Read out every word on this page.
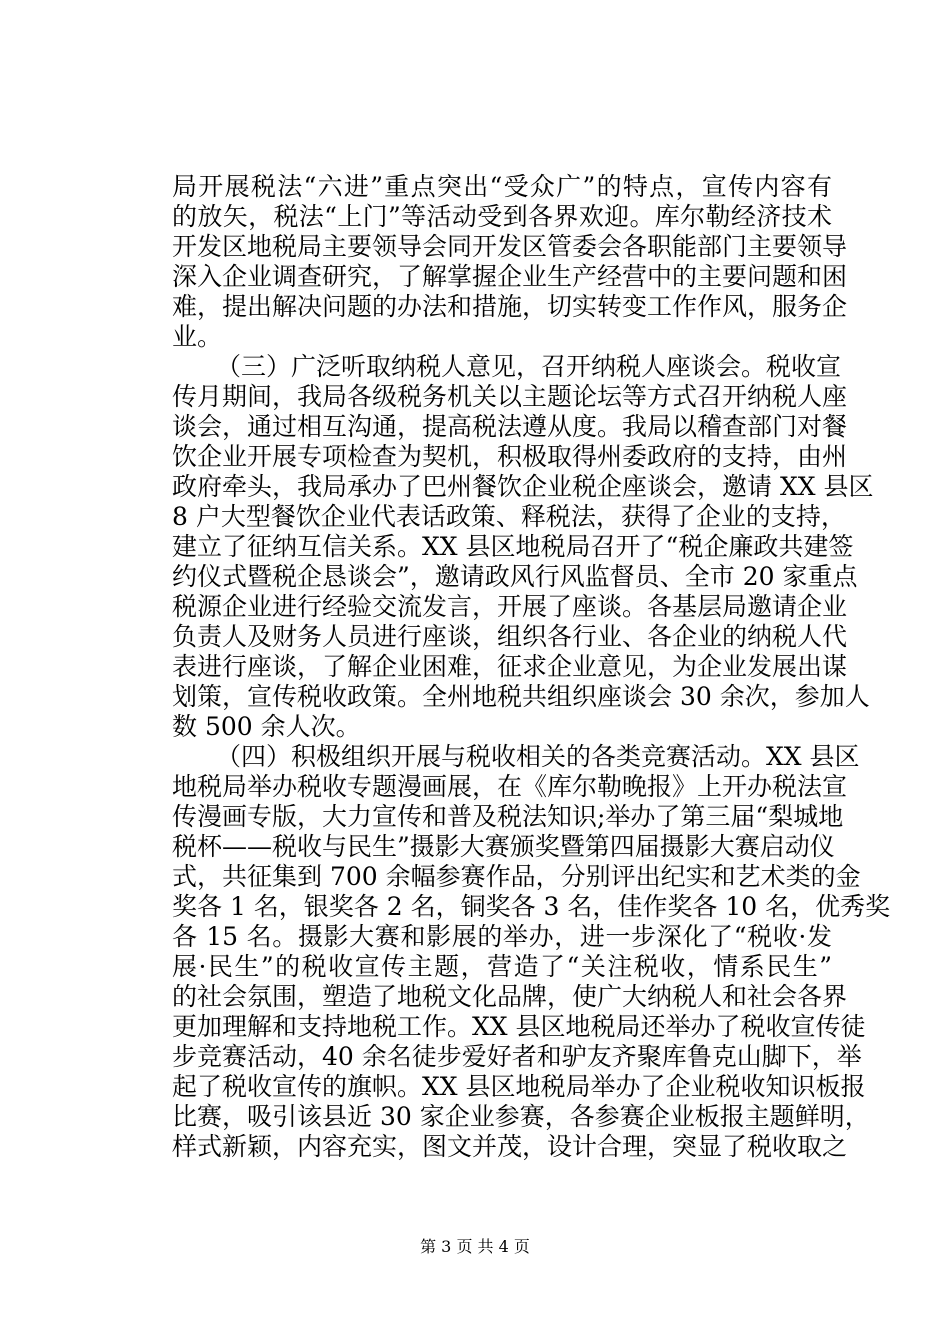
局开展税法“六进”重点突出“受众广”的特点，宣传内容有
的放矢，税法“上门”等活动受到各界欢迎。库尔勒经济技术
开发区地税局主要领导会同开发区管委会各职能部门主要领导
深入企业调查研究，了解掌握企业生产经营中的主要问题和困
难，提出解决问题的办法和措施，切实转变工作作风，服务企
业。
（三）广泛听取纳税人意见，召开纳税人座谈会。税收宣
传月期间，我局各级税务机关以主题论坛等方式召开纳税人座
谈会，通过相互沟通，提高税法遵从度。我局以稽查部门对餐
饮企业开展专项检查为契机，积极取得州委政府的支持，由州
政府牵头，我局承办了巴州餐饮企业税企座谈会，邀请 XX 县区
8 户大型餐饮企业代表话政策、释税法，获得了企业的支持，
建立了征纳互信关系。XX 县区地税局召开了“税企廉政共建签
约仪式暨税企恳谈会”，邀请政风行风监督员、全市 20 家重点
税源企业进行经验交流发言，开展了座谈。各基层局邀请企业
负责人及财务人员进行座谈，组织各行业、各企业的纳税人代
表进行座谈，了解企业困难，征求企业意见，为企业发展出谋
划策，宣传税收政策。全州地税共组织座谈会 30 余次，参加人
数 500 余人次。
（四）积极组织开展与税收相关的各类竞赛活动。XX 县区
地税局举办税收专题漫画展，在《库尔勒晚报》上开办税法宣
传漫画专版，大力宣传和普及税法知识;举办了第三届“梨城地
税杯——税收与民生”摄影大赛颁奖暨第四届摄影大赛启动仪
式，共征集到 700 余幅参赛作品，分别评出纪实和艺术类的金
奖各 1 名，银奖各 2 名，铜奖各 3 名，佳作奖各 10 名，优秀奖
各 15 名。摄影大赛和影展的举办，进一步深化了“税收·发
展·民生”的税收宣传主题，营造了“关注税收，情系民生”
的社会氛围，塑造了地税文化品牌，使广大纳税人和社会各界
更加理解和支持地税工作。XX 县区地税局还举办了税收宣传徒
步竞赛活动，40 余名徒步爱好者和驴友齐聚库鲁克山脚下，举
起了税收宣传的旗帜。XX 县区地税局举办了企业税收知识板报
比赛，吸引该县近 30 家企业参赛，各参赛企业板报主题鲜明，
样式新颖，内容充实，图文并茂，设计合理，突显了税收取之
第 3 页 共 4 页
